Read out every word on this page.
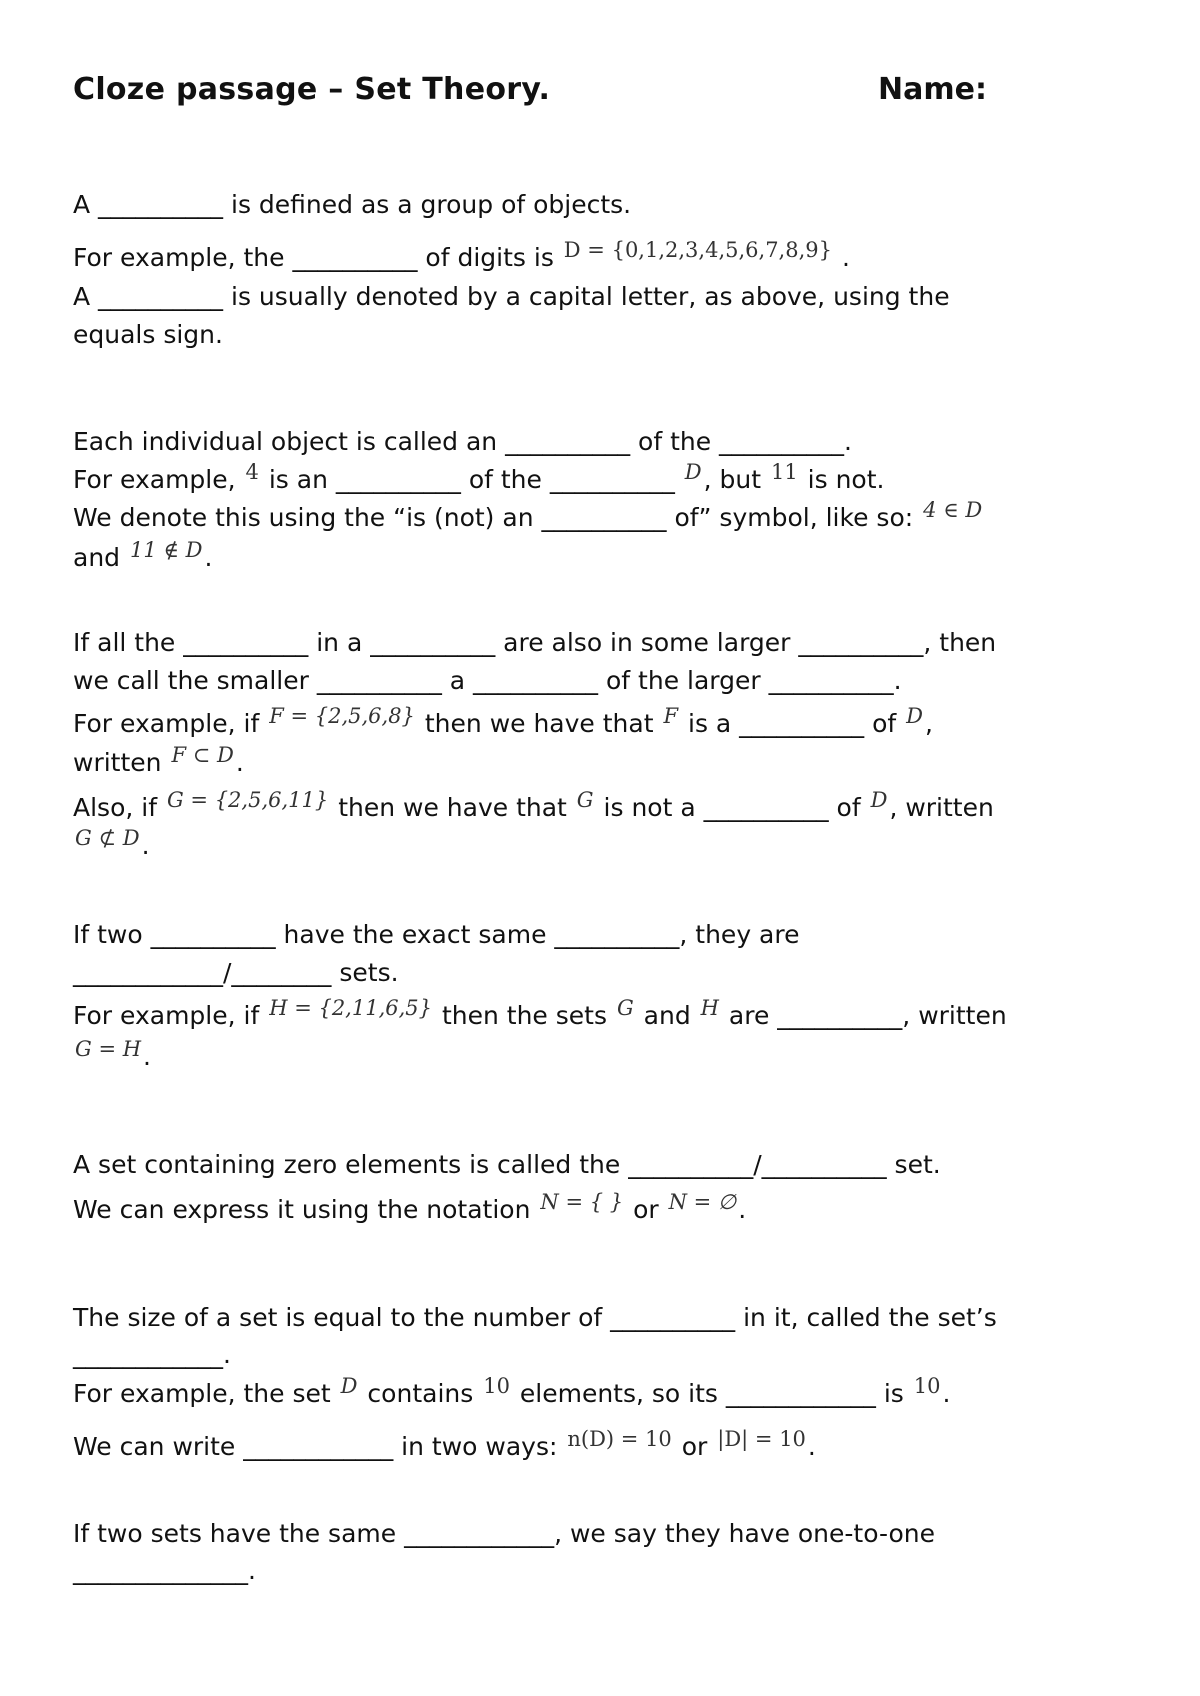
Cloze passage – Set Theory.	Name:
A __________ is defined as a group of objects.
For example, the __________ of digits is $^{D = \{0,1,2,3,4,5,6,7,8,9\}}$ .
A __________ is usually denoted by a capital letter, as above, using the
equals sign.
Each individual object is called an __________ of the __________.
For example, $^4$ is an __________ of the __________ $^D$, but $^{11}$ is not.
We denote this using the “is (not) an __________ of” symbol, like so: $^{4 \in D}$
and $^{11 \notin D}$.
If all the __________ in a __________ are also in some larger __________, then
we call the smaller __________ a __________ of the larger __________.
For example, if $^{F = \{2,5,6,8\}}$ then we have that $^F$ is a __________ of $^D$,
written $^{F \subset D}$.
Also, if $^{G = \{2,5,6,11\}}$ then we have that $^G$ is not a __________ of $^D$, written
$^{G ⊄ D}$.
If two __________ have the exact same __________, they are
____________/________ sets.
For example, if $^{H = \{2,11,6,5\}}$ then the sets $^G$ and $^H$ are __________, written
$^{G = H}$.
A set containing zero elements is called the __________/__________ set.
We can express it using the notation $^{N = \{ \}}$ or $^{N = \emptyset}$.
The size of a set is equal to the number of __________ in it, called the set’s
____________.
For example, the set $^D$ contains $^{10}$ elements, so its ____________ is $^{10}$.
We can write ____________ in two ways: $^{n(D) = 10}$ or $^{|D| = 10}$.
If two sets have the same ____________, we say they have one-to-one
______________.
